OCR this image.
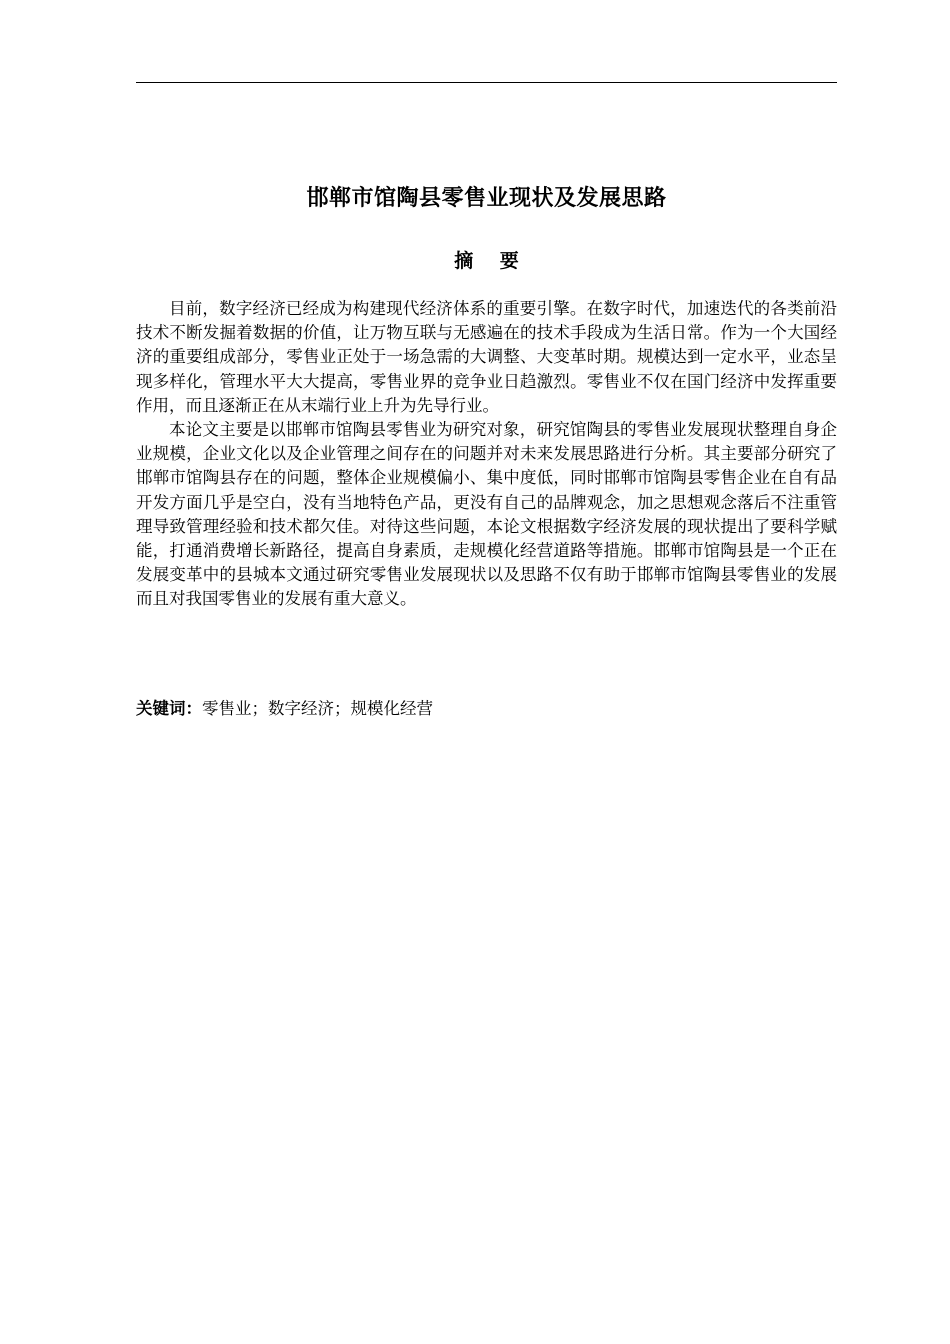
邯郸市馆陶县零售业现状及发展思路
摘 要

目前，数字经济已经成为构建现代经济体系的重要引擎。在数字时代，加速迭代的各类前沿技术不断发掘着数据的价值，让万物互联与无感遍在的技术手段成为生活日常。作为一个大国经济的重要组成部分，零售业正处于一场急需的大调整、大变革时期。规模达到一定水平，业态呈现多样化，管理水平大大提高，零售业界的竞争业日趋激烈。零售业不仅在国门经济中发挥重要作用，而且逐渐正在从末端行业上升为先导行业。

本论文主要是以邯郸市馆陶县零售业为研究对象，研究馆陶县的零售业发展现状整理自身企业规模，企业文化以及企业管理之间存在的问题并对未来发展思路进行分析。其主要部分研究了邯郸市馆陶县存在的问题，整体企业规模偏小、集中度低，同时邯郸市馆陶县零售企业在自有品开发方面几乎是空白，没有当地特色产品，更没有自己的品牌观念，加之思想观念落后不注重管理导致管理经验和技术都欠佳。对待这些问题，本论文根据数字经济发展的现状提出了要科学赋能，打通消费增长新路径，提高自身素质，走规模化经营道路等措施。邯郸市馆陶县是一个正在发展变革中的县城本文通过研究零售业发展现状以及思路不仅有助于邯郸市馆陶县零售业的发展而且对我国零售业的发展有重大意义。

关键词：零售业；数字经济；规模化经营
